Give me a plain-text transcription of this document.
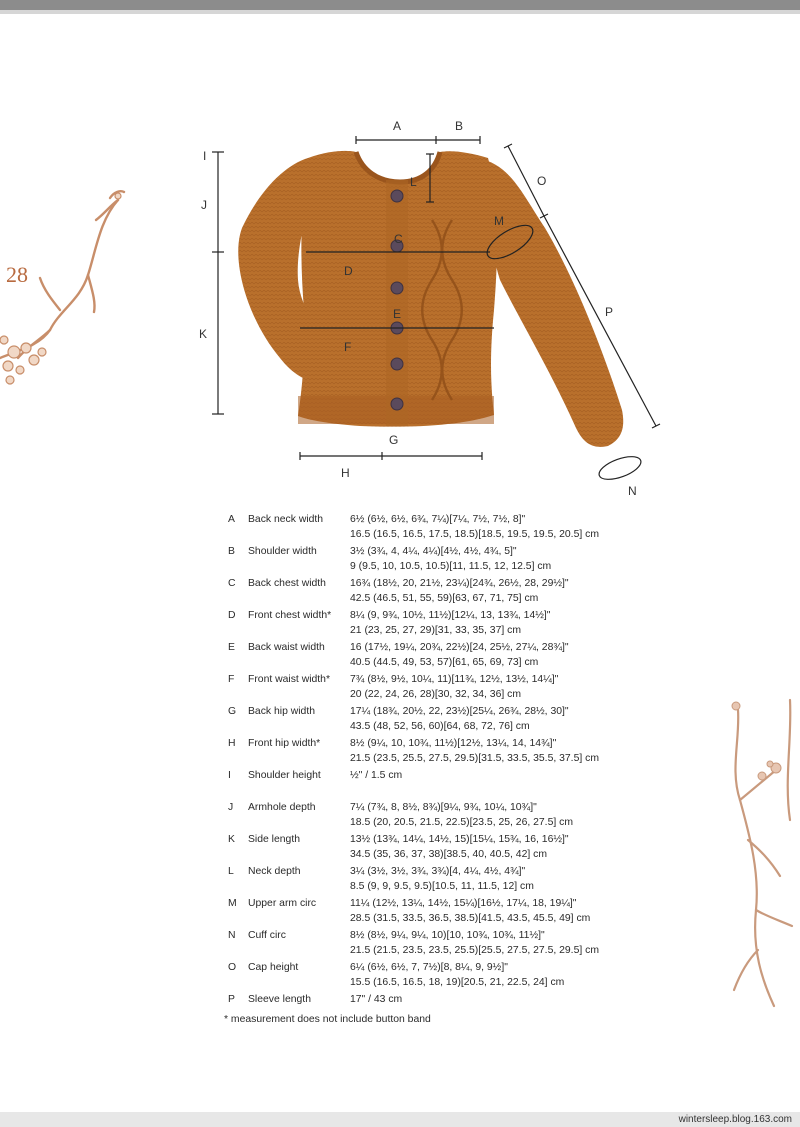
28
A	B
I
J
K
L
C
D
E
F
G
H
M
N
O
P
A	Back neck width	6½ (6½, 6½, 6¾, 7¼)[7¼, 7½, 7½, 8]"
16.5 (16.5, 16.5, 17.5, 18.5)[18.5, 19.5, 19.5, 20.5] cm
B	Shoulder width	3½ (3¾, 4, 4¼, 4¼)[4½, 4½, 4¾, 5]"
9 (9.5, 10, 10.5, 10.5)[11, 11.5, 12, 12.5] cm
C	Back chest width	16¾ (18½, 20, 21½, 23¼)[24¾, 26½, 28, 29½]"
42.5 (46.5, 51, 55, 59)[63, 67, 71, 75] cm
D	Front chest width*	8¼ (9, 9¾, 10½, 11½)[12¼, 13, 13¾, 14½]"
21 (23, 25, 27, 29)[31, 33, 35, 37] cm
E	Back waist width	16 (17½, 19¼, 20¾, 22½)[24, 25½, 27¼, 28¾]"
40.5 (44.5, 49, 53, 57)[61, 65, 69, 73] cm
F	Front waist width*	7¾ (8½, 9½, 10¼, 11)[11¾, 12½, 13½, 14¼]"
20 (22, 24, 26, 28)[30, 32, 34, 36] cm
G	Back hip width	17¼ (18¾, 20½, 22, 23½)[25¼, 26¾, 28½, 30]"
43.5 (48, 52, 56, 60)[64, 68, 72, 76] cm
H	Front hip width*	8½ (9¼, 10, 10¾, 11½)[12½, 13¼, 14, 14¾]"
21.5 (23.5, 25.5, 27.5, 29.5)[31.5, 33.5, 35.5, 37.5] cm
I	Shoulder height	½" / 1.5 cm
J	Armhole depth	7¼ (7¾, 8, 8½, 8¾)[9¼, 9¾, 10¼, 10¾]"
18.5 (20, 20.5, 21.5, 22.5)[23.5, 25, 26, 27.5] cm
K	Side length	13½ (13¾, 14¼, 14½, 15)[15¼, 15¾, 16, 16½]"
34.5 (35, 36, 37, 38)[38.5, 40, 40.5, 42] cm
L	Neck depth	3¼ (3½, 3½, 3¾, 3¾)[4, 4¼, 4½, 4¾]"
8.5 (9, 9, 9.5, 9.5)[10.5, 11, 11.5, 12] cm
M	Upper arm circ	11¼ (12½, 13¼, 14½, 15¼)[16½, 17¼, 18, 19¼]"
28.5 (31.5, 33.5, 36.5, 38.5)[41.5, 43.5, 45.5, 49] cm
N	Cuff circ	8½ (8½, 9¼, 9¼, 10)[10, 10¾, 10¾, 11½]"
21.5 (21.5, 23.5, 23.5, 25.5)[25.5, 27.5, 27.5, 29.5] cm
O	Cap height	6¼ (6½, 6½, 7, 7½)[8, 8¼, 9, 9½]"
15.5 (16.5, 16.5, 18, 19)[20.5, 21, 22.5, 24] cm
P	Sleeve length	17" / 43 cm
* measurement does not include button band
wintersleep.blog.163.com
